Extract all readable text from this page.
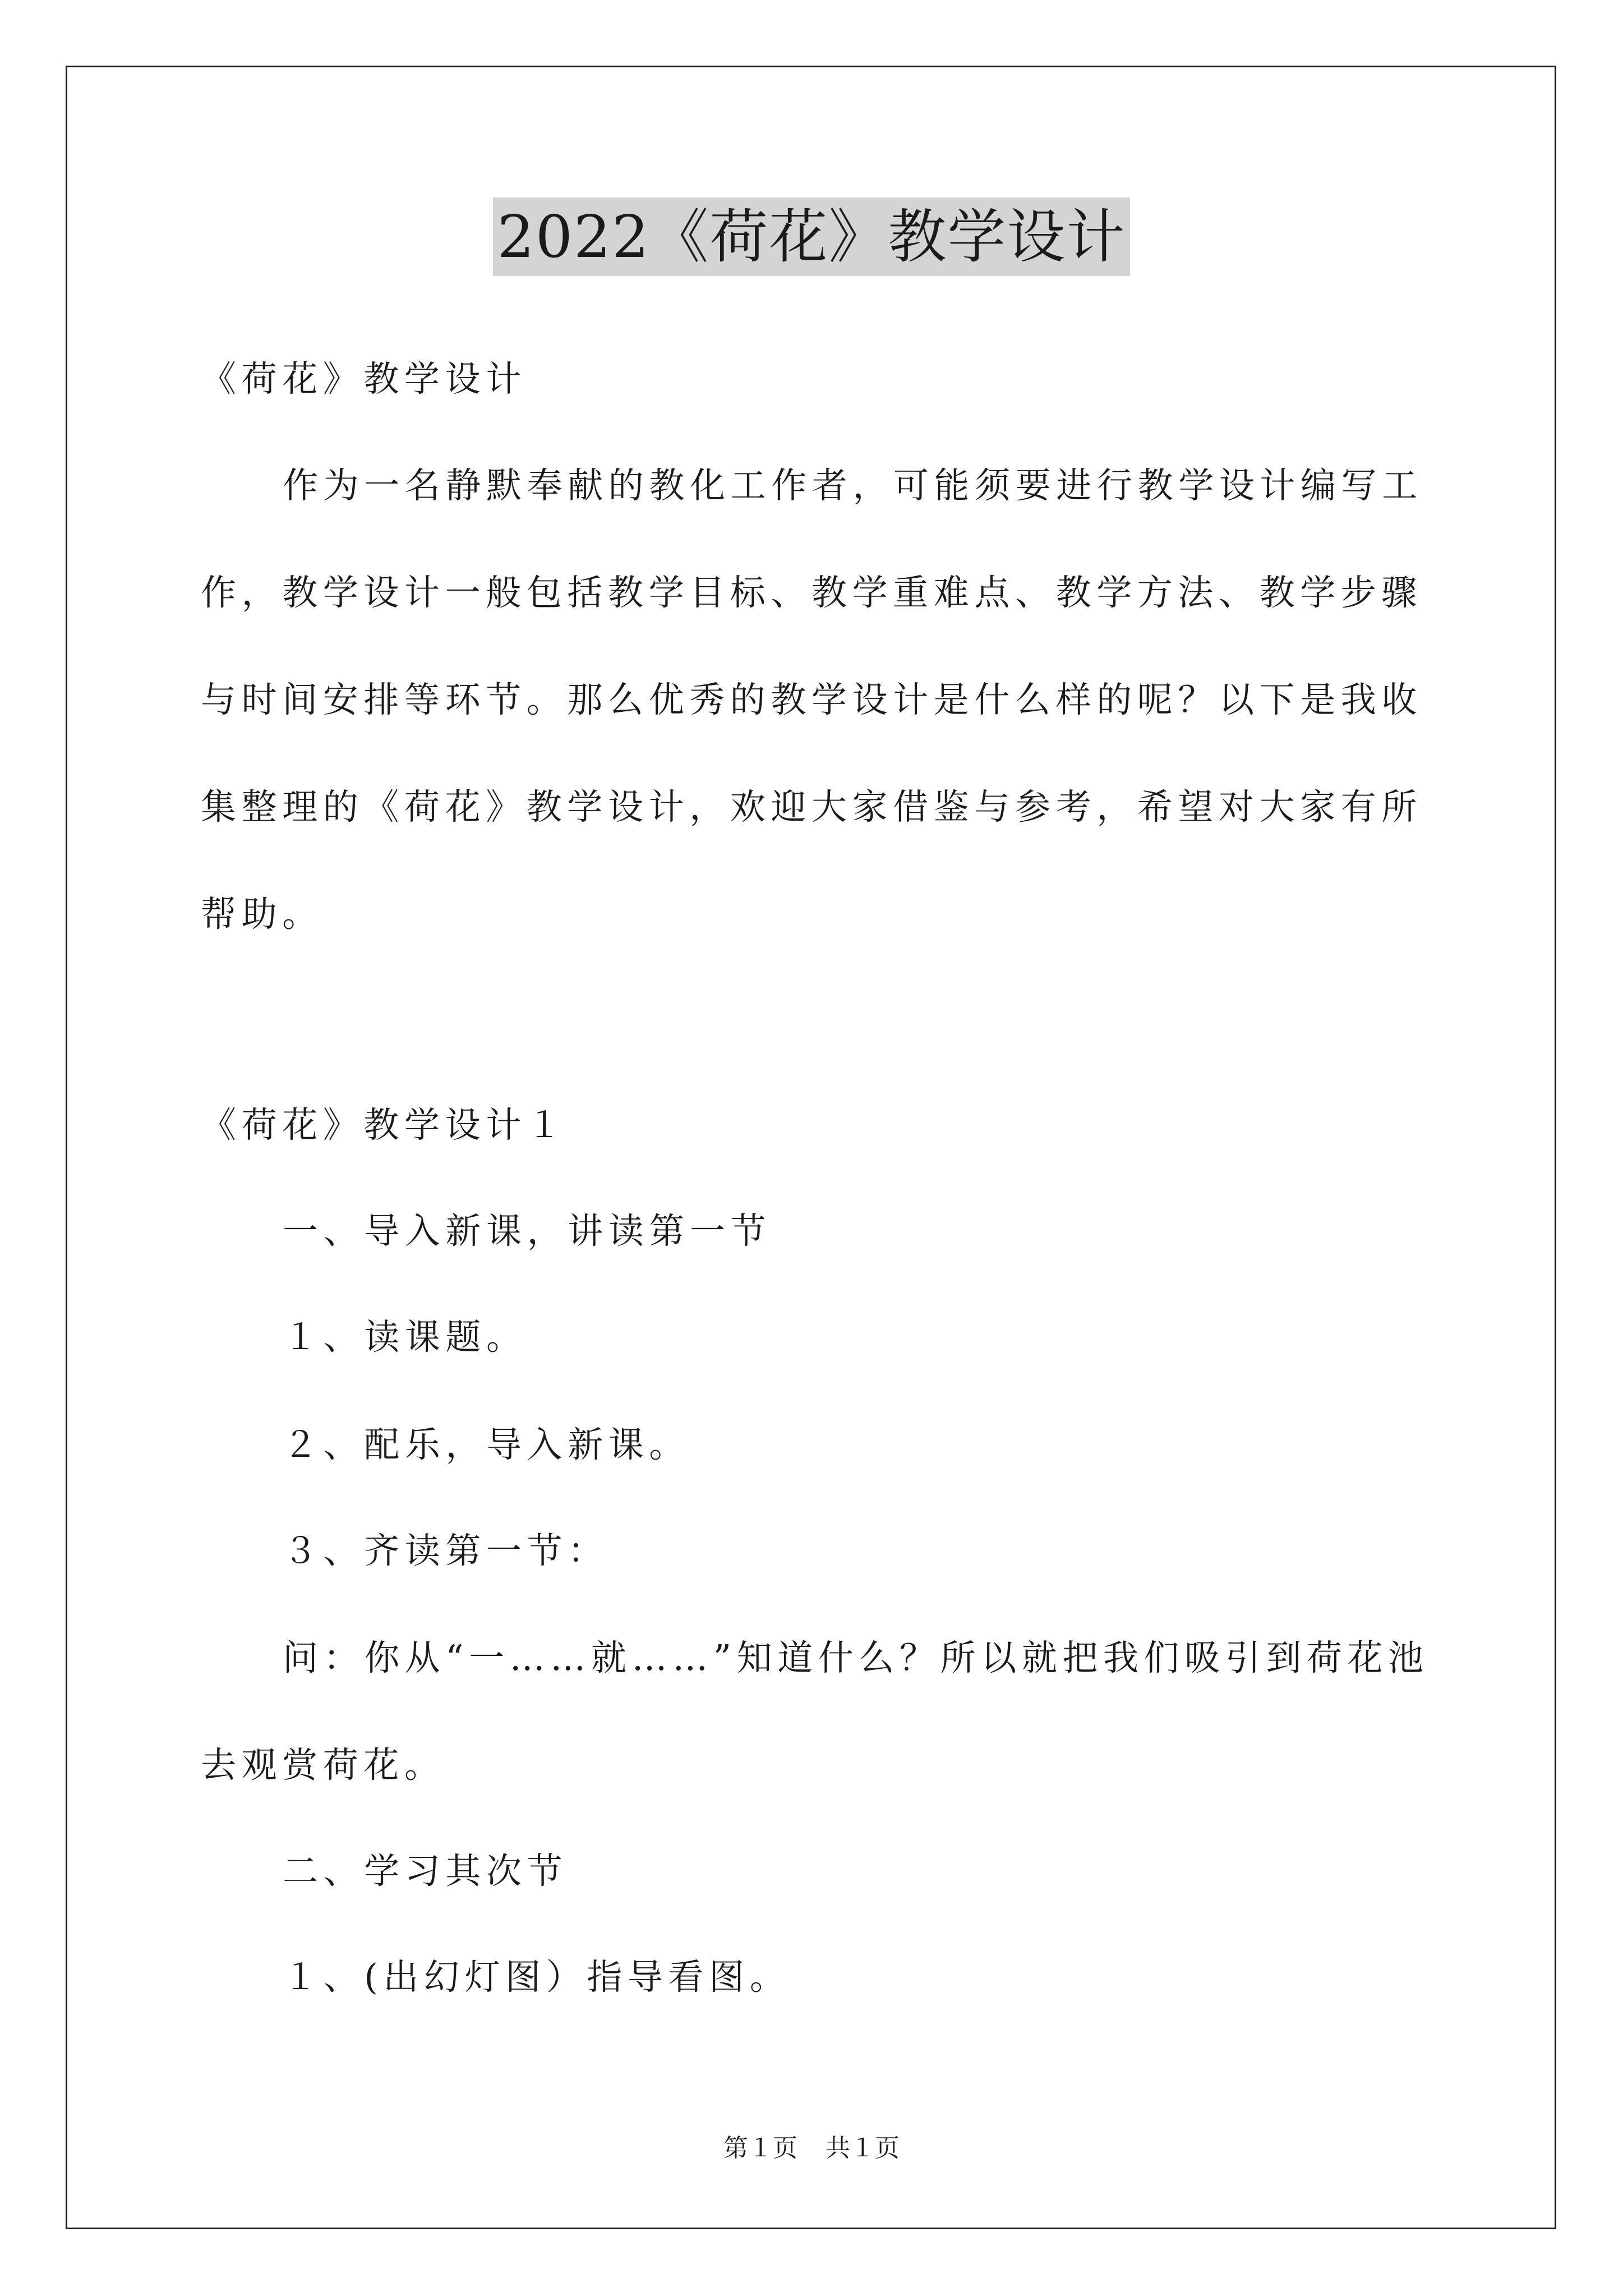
2022《荷花》教学设计
《荷花》教学设计

作为一名静默奉献的教化工作者，可能须要进行教学设计编写工作，教学设计一般包括教学目标、教学重难点、教学方法、教学步骤与时间安排等环节。那么优秀的教学设计是什么样的呢？以下是我收集整理的《荷花》教学设计，欢迎大家借鉴与参考，希望对大家有所帮助。

《荷花》教学设计１
一、导入新课，讲读第一节
１、读课题。
２、配乐，导入新课。
３、齐读第一节：

问：你从“一……就……”知道什么？所以就把我们吸引到荷花池去观赏荷花。

二、学习其次节
１、(出幻灯图）指导看图。
第１页 共１页
